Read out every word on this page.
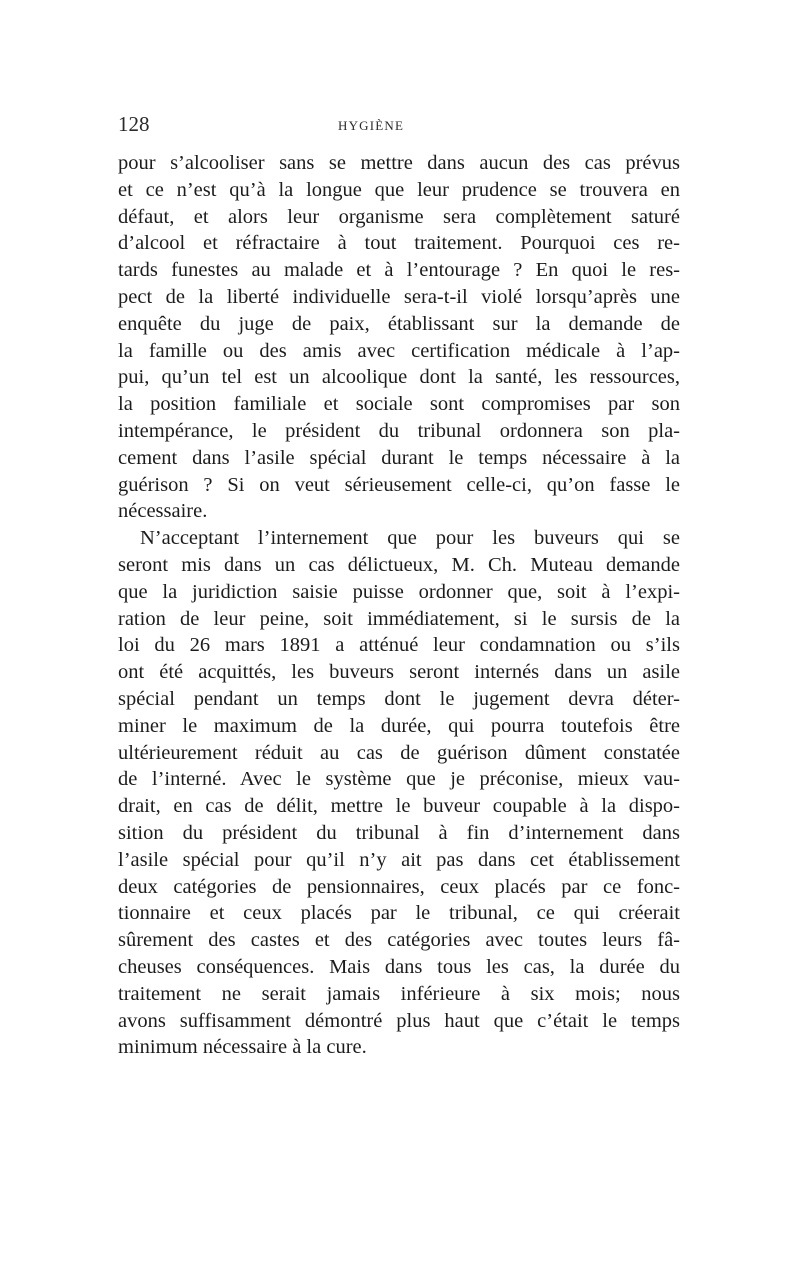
128	HYGIÈNE
pour s’alcooliser sans se mettre dans aucun des cas prévus
et ce n’est qu’à la longue que leur prudence se trouvera en
défaut, et alors leur organisme sera complètement saturé
d’alcool et réfractaire à tout traitement. Pourquoi ces re-
tards funestes au malade et à l’entourage ? En quoi le res-
pect de la liberté individuelle sera-t-il violé lorsqu’après une
enquête du juge de paix, établissant sur la demande de
la famille ou des amis avec certification médicale à l’ap-
pui, qu’un tel est un alcoolique dont la santé, les ressources,
la position familiale et sociale sont compromises par son
intempérance, le président du tribunal ordonnera son pla-
cement dans l’asile spécial durant le temps nécessaire à la
guérison ? Si on veut sérieusement celle-ci, qu’on fasse le
nécessaire.
N’acceptant l’internement que pour les buveurs qui se
seront mis dans un cas délictueux, M. Ch. Muteau demande
que la juridiction saisie puisse ordonner que, soit à l’expi-
ration de leur peine, soit immédiatement, si le sursis de la
loi du 26 mars 1891 a atténué leur condamnation ou s’ils
ont été acquittés, les buveurs seront internés dans un asile
spécial pendant un temps dont le jugement devra déter-
miner le maximum de la durée, qui pourra toutefois être
ultérieurement réduit au cas de guérison dûment constatée
de l’interné. Avec le système que je préconise, mieux vau-
drait, en cas de délit, mettre le buveur coupable à la dispo-
sition du président du tribunal à fin d’internement dans
l’asile spécial pour qu’il n’y ait pas dans cet établissement
deux catégories de pensionnaires, ceux placés par ce fonc-
tionnaire et ceux placés par le tribunal, ce qui créerait
sûrement des castes et des catégories avec toutes leurs fâ-
cheuses conséquences. Mais dans tous les cas, la durée du
traitement ne serait jamais inférieure à six mois; nous
avons suffisamment démontré plus haut que c’était le temps
minimum nécessaire à la cure.
